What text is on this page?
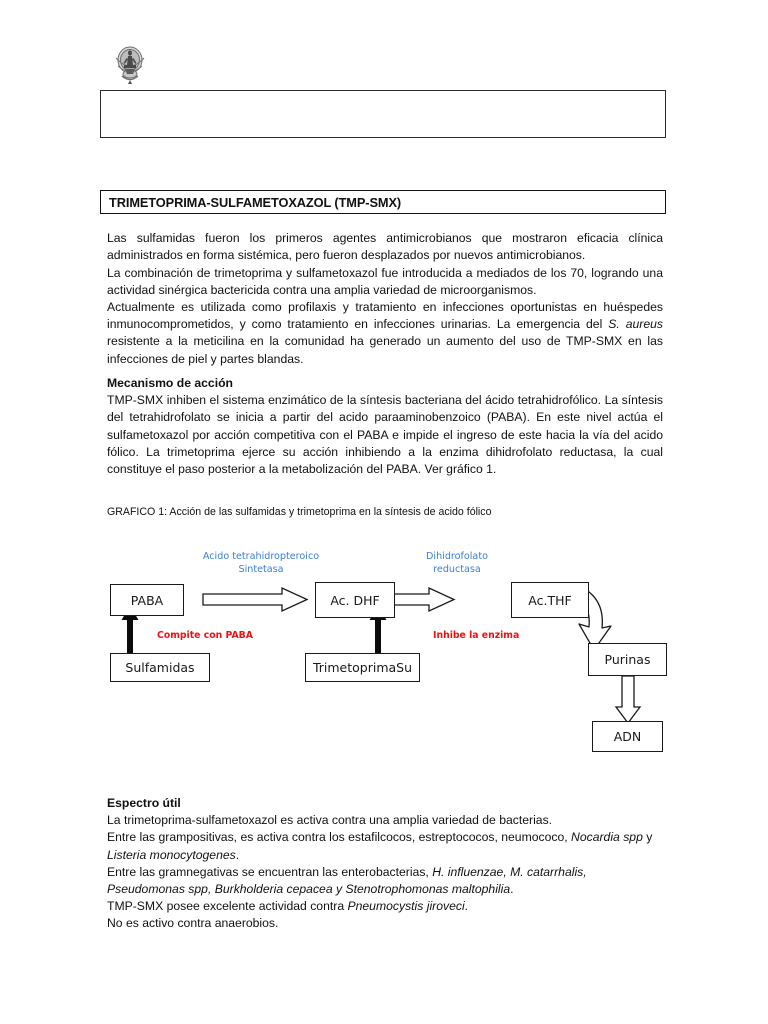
TRIMETOPRIMA-SULFAMETOXAZOL (TMP-SMX)

Las sulfamidas fueron los primeros agentes antimicrobianos que mostraron eficacia clínica administrados en forma sistémica, pero fueron desplazados por nuevos antimicrobianos.

La combinación de trimetoprima y sulfametoxazol fue introducida a mediados de los 70, logrando una actividad sinérgica bactericida contra una amplia variedad de microorganismos.

Actualmente es utilizada como profilaxis y tratamiento en infecciones oportunistas en huéspedes inmunocomprometidos, y como tratamiento en infecciones urinarias. La emergencia del S. aureus resistente a la meticilina en la comunidad ha generado un aumento del uso de TMP-SMX en las infecciones de piel y partes blandas.

Mecanismo de acción

TMP-SMX inhiben el sistema enzimático de la síntesis bacteriana del ácido tetrahidrofólico. La síntesis del tetrahidrofolato se inicia a partir del acido paraaminobenzoico (PABA). En este nivel actúa el sulfametoxazol por acción competitiva con el PABA e impide el ingreso de este hacia la vía del acido fólico. La trimetoprima ejerce su acción inhibiendo a la enzima dihidrofolato reductasa, la cual constituye el paso posterior a la metabolización del PABA. Ver gráfico 1.

GRAFICO 1: Acción de las sulfamidas y trimetoprima en la síntesis de acido fólico
Acido tetrahidropteroico
Sintetasa
Dihidrofolato
reductasa
Compite con PABA	Inhibe la enzima
PABA	Ac. DHF	Ac.THF
Sulfamidas	TrimetoprimaSu
Purinas
ADN

Espectro útil

La trimetoprima-sulfametoxazol es activa contra una amplia variedad de bacterias.

Entre las grampositivas, es activa contra los estafilcocos, estreptococos, neumococo, Nocardia spp y Listeria monocytogenes.

Entre las gramnegativas se encuentran las enterobacterias, H. influenzae, M. catarrhalis, Pseudomonas spp, Burkholderia cepacea y Stenotrophomonas maltophilia.

TMP-SMX posee excelente actividad contra Pneumocystis jiroveci.

No es activo contra anaerobios.
